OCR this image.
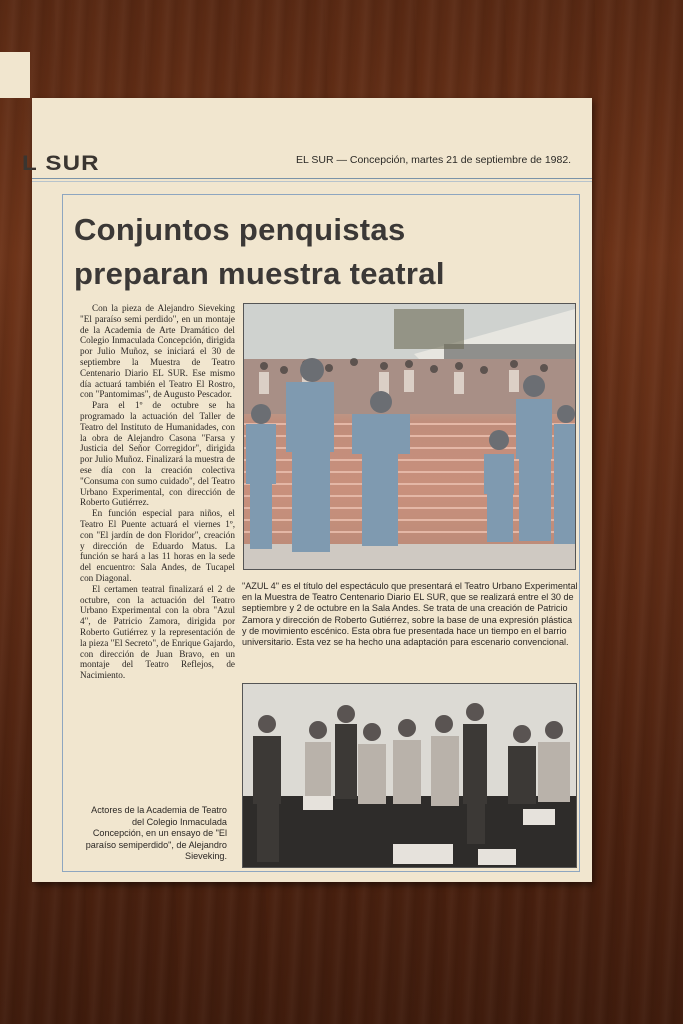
L SUR	EL SUR — Concepción, martes 21 de septiembre de 1982.
Conjuntos penquistas
preparan muestra teatral

Con la pieza de Alejandro Sieveking "El paraíso semi perdido", en un montaje de la Academia de Arte Dramático del Colegio Inmaculada Concepción, dirigida por Julio Muñoz, se iniciará el 30 de septiembre la Muestra de Teatro Centenario Diario EL SUR. Ese mismo día actuará también el Teatro El Rostro, con "Pantomimas", de Augusto Pescador.

Para el 1º de octubre se ha programado la actuación del Taller de Teatro del Instituto de Humanidades, con la obra de Alejandro Casona "Farsa y Justicia del Señor Corregidor", dirigida por Julio Muñoz. Finalizará la muestra de ese día con la creación colectiva "Consuma con sumo cuidado", del Teatro Urbano Experimental, con dirección de Roberto Gutiérrez.

En función especial para niños, el Teatro El Puente actuará el viernes 1º, con "El jardín de don Floridor", creación y dirección de Eduardo Matus. La función se hará a las 11 horas en la sede del encuentro: Sala Andes, de Tucapel con Diagonal.

El certamen teatral finalizará el 2 de octubre, con la actuación del Teatro Urbano Experimental con la obra "Azul 4", de Patricio Zamora, dirigida por Roberto Gutiérrez y la representación de la pieza "El Secreto", de Enrique Gajardo, con dirección de Juan Bravo, en un montaje del Teatro Reflejos, de Nacimiento.

"AZUL 4" es el título del espectáculo que presentará el Teatro Urbano Experimental en la Muestra de Teatro Centenario Diario EL SUR, que se realizará entre el 30 de septiembre y 2 de octubre en la Sala Andes. Se trata de una creación de Patricio Zamora y dirección de Roberto Gutiérrez, sobre la base de una expresión plástica y de movimiento escénico. Esta obra fue presentada hace un tiempo en el barrio universitario. Esta vez se ha hecho una adaptación para escenario convencional.
Actores de la Academia de Teatro del Colegio Inmaculada Concepción, en un ensayo de "El paraíso semiperdido", de Alejandro Sieveking.
